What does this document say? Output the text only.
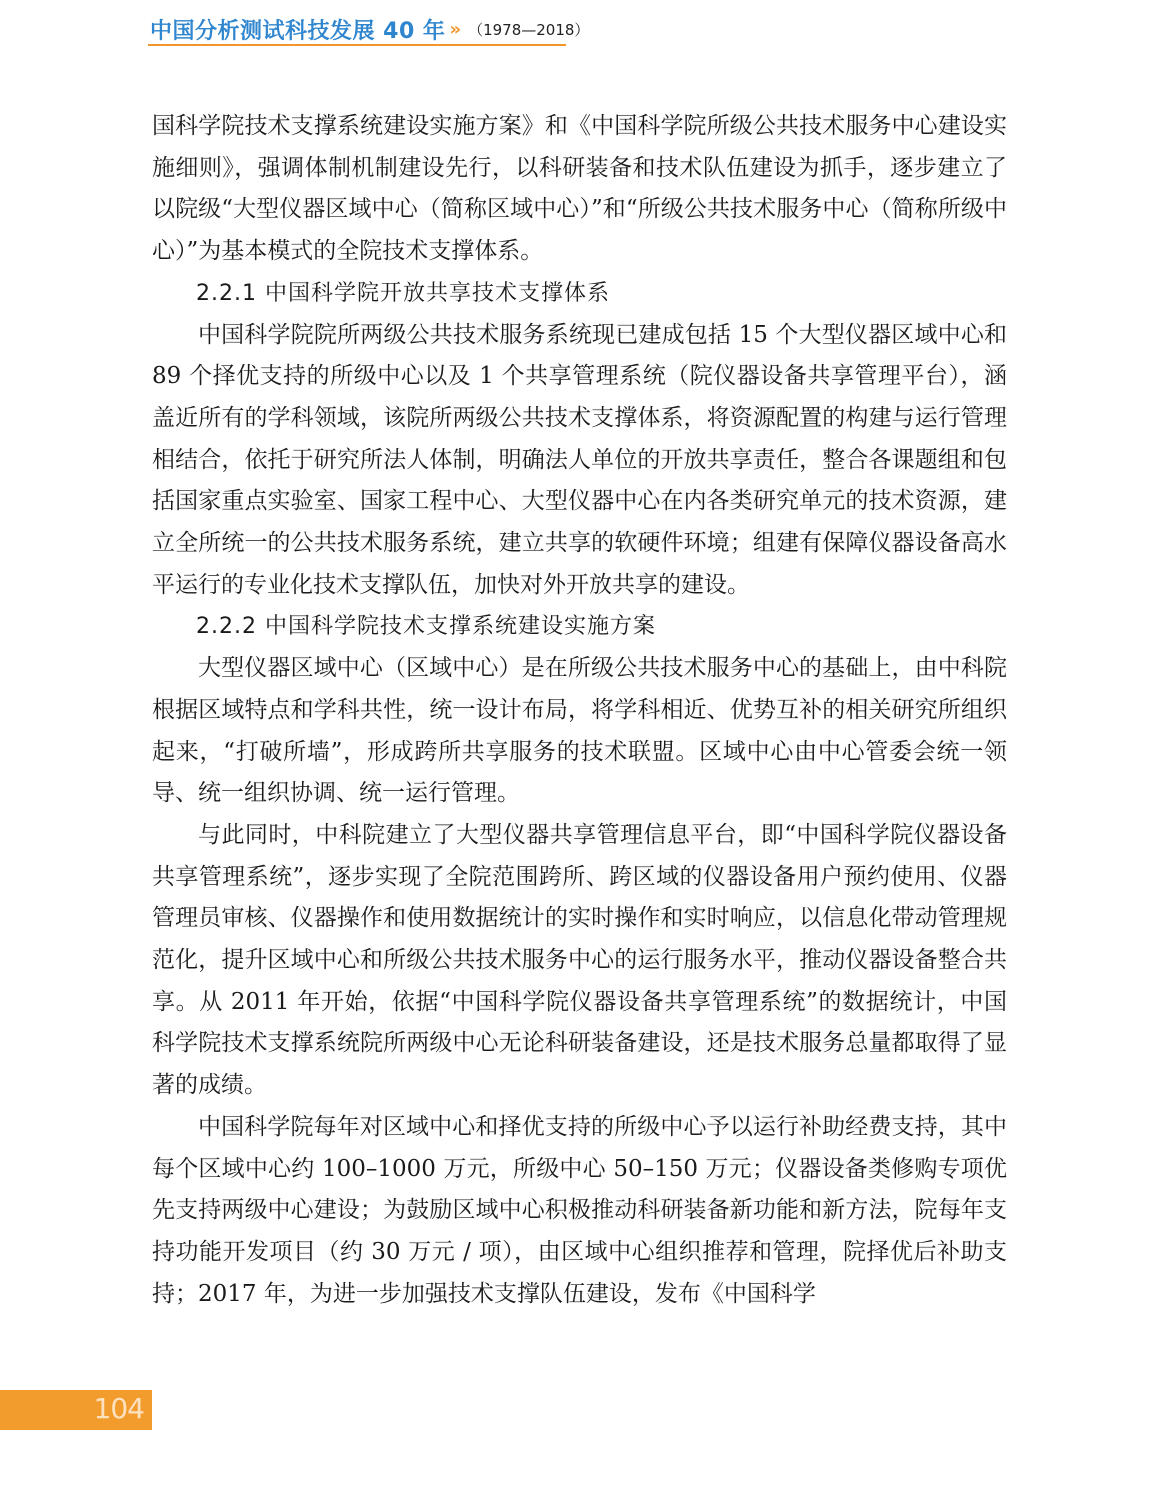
中国分析测试科技发展 40 年 » （1978—2018）

国科学院技术支撑系统建设实施方案》和《中国科学院所级公共技术服务中心建设实施细则》，强调体制机制建设先行，以科研装备和技术队伍建设为抓手，逐步建立了以院级“大型仪器区域中心（简称区域中心）”和“所级公共技术服务中心（简称所级中心）”为基本模式的全院技术支撑体系。

2.2.1 中国科学院开放共享技术支撑体系

中国科学院院所两级公共技术服务系统现已建成包括 15 个大型仪器区域中心和 89 个择优支持的所级中心以及 1 个共享管理系统（院仪器设备共享管理平台），涵盖近所有的学科领域，该院所两级公共技术支撑体系，将资源配置的构建与运行管理相结合，依托于研究所法人体制，明确法人单位的开放共享责任，整合各课题组和包括国家重点实验室、国家工程中心、大型仪器中心在内各类研究单元的技术资源，建立全所统一的公共技术服务系统，建立共享的软硬件环境；组建有保障仪器设备高水平运行的专业化技术支撑队伍，加快对外开放共享的建设。

2.2.2 中国科学院技术支撑系统建设实施方案

大型仪器区域中心（区域中心）是在所级公共技术服务中心的基础上，由中科院根据区域特点和学科共性，统一设计布局，将学科相近、优势互补的相关研究所组织起来，“打破所墙”，形成跨所共享服务的技术联盟。区域中心由中心管委会统一领导、统一组织协调、统一运行管理。

与此同时，中科院建立了大型仪器共享管理信息平台，即“中国科学院仪器设备共享管理系统”，逐步实现了全院范围跨所、跨区域的仪器设备用户预约使用、仪器管理员审核、仪器操作和使用数据统计的实时操作和实时响应，以信息化带动管理规范化，提升区域中心和所级公共技术服务中心的运行服务水平，推动仪器设备整合共享。从 2011 年开始，依据“中国科学院仪器设备共享管理系统”的数据统计，中国科学院技术支撑系统院所两级中心无论科研装备建设，还是技术服务总量都取得了显著的成绩。

中国科学院每年对区域中心和择优支持的所级中心予以运行补助经费支持，其中每个区域中心约 100–1000 万元，所级中心 50–150 万元；仪器设备类修购专项优先支持两级中心建设；为鼓励区域中心积极推动科研装备新功能和新方法，院每年支持功能开发项目（约 30 万元 / 项），由区域中心组织推荐和管理，院择优后补助支持；2017 年，为进一步加强技术支撑队伍建设，发布《中国科学

104
